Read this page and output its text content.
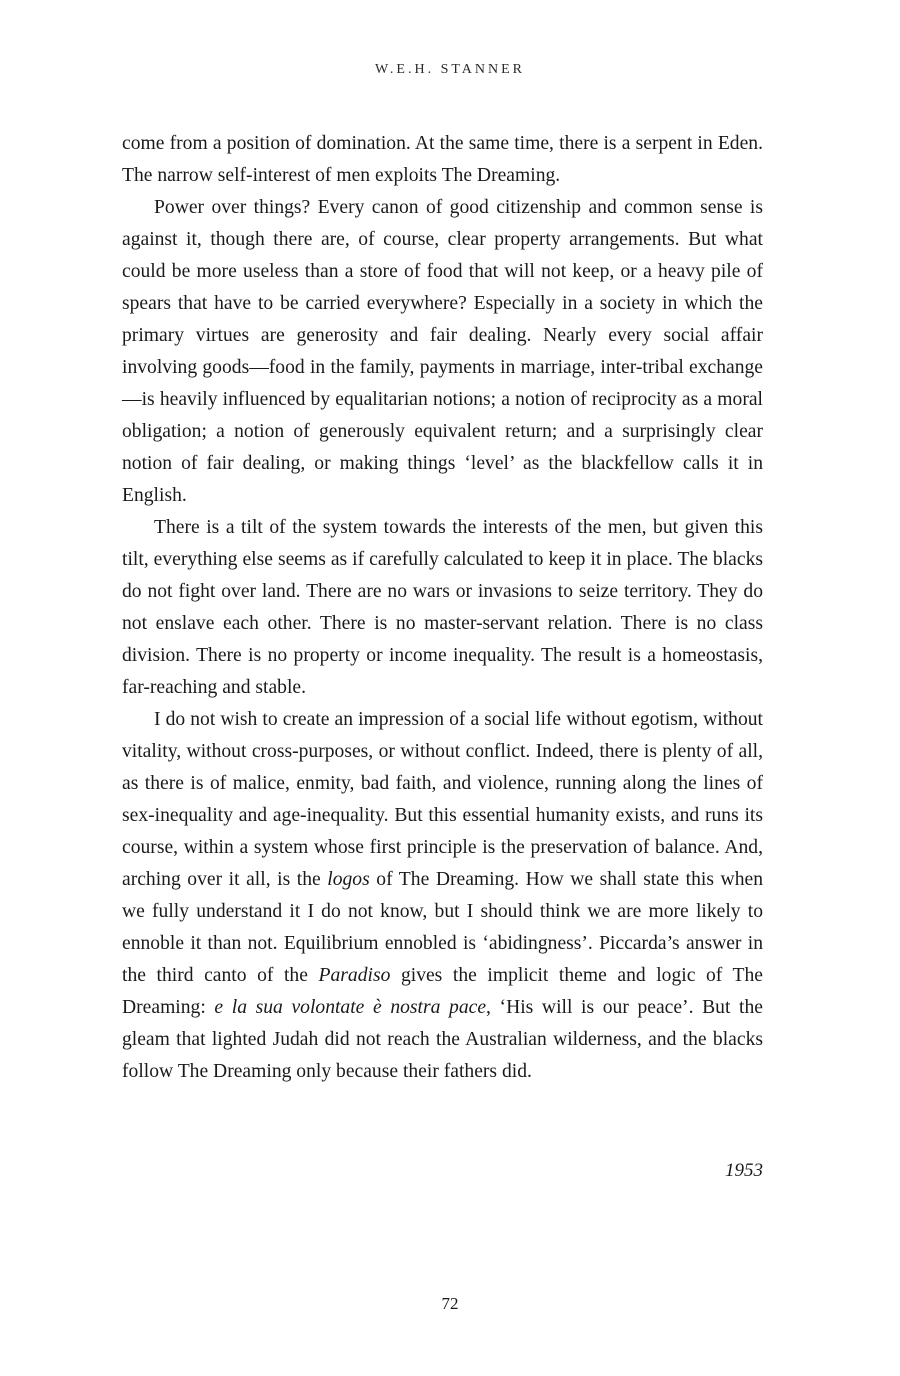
W.E.H. STANNER

come from a position of domination. At the same time, there is a serpent in Eden. The narrow self-interest of men exploits The Dreaming.

Power over things? Every canon of good citizenship and common sense is against it, though there are, of course, clear property arrangements. But what could be more useless than a store of food that will not keep, or a heavy pile of spears that have to be carried everywhere? Especially in a society in which the primary virtues are generosity and fair dealing. Nearly every social affair involving goods—food in the family, payments in marriage, inter-tribal exchange—is heavily influenced by equalitarian notions; a notion of reciprocity as a moral obligation; a notion of generously equivalent return; and a surprisingly clear notion of fair dealing, or making things ‘level’ as the blackfellow calls it in English.

There is a tilt of the system towards the interests of the men, but given this tilt, everything else seems as if carefully calculated to keep it in place. The blacks do not fight over land. There are no wars or invasions to seize territory. They do not enslave each other. There is no master-servant relation. There is no class division. There is no property or income inequality. The result is a homeostasis, far-reaching and stable.

I do not wish to create an impression of a social life without egotism, without vitality, without cross-purposes, or without conflict. Indeed, there is plenty of all, as there is of malice, enmity, bad faith, and violence, running along the lines of sex-inequality and age-inequality. But this essential humanity exists, and runs its course, within a system whose first principle is the preservation of balance. And, arching over it all, is the logos of The Dreaming. How we shall state this when we fully understand it I do not know, but I should think we are more likely to ennoble it than not. Equilibrium ennobled is ‘abidingness’. Piccarda’s answer in the third canto of the Paradiso gives the implicit theme and logic of The Dreaming: e la sua volontate è nostra pace, ‘His will is our peace’. But the gleam that lighted Judah did not reach the Australian wilderness, and the blacks follow The Dreaming only because their fathers did.

1953
72
